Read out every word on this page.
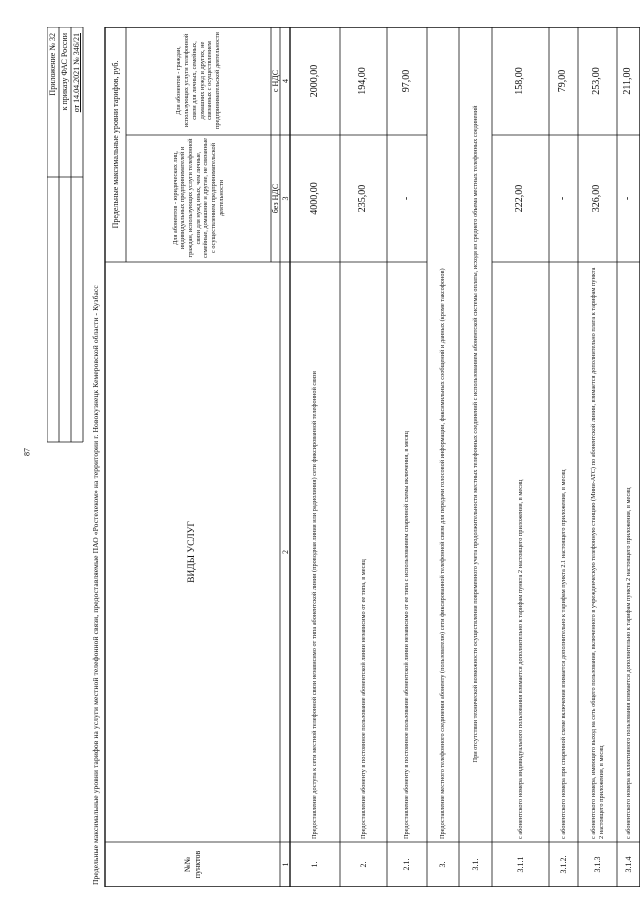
87
Приложение № 32 к приказу ФАС России от 14.04.2021 № 346/21
Предельные максимальные уровни тарифов на услуги местной телефонной связи, предоставляемые ПАО «Ростелеком» на территории г. Новокузнецк Кемеровской области - Кузбасс	№№ пунктов
ВИДЫ УСЛУГ
Предельные максимальные уровни тарифов, руб.	Для абонентов - юридических лиц, индивидуальных предпринимателей и граждан, использующих услуги телефонной связи для нужд иных, чем личные, семейные, домашние и другие, не связанные с осуществлением предпринимательской деятельности
Для абонентов - граждан, использующих услуги телефонной связи для личных, семейных, домашних нужд и других, не связанных с осуществлением предпринимательской деятельности
без НДС
с НДС
1
2
3
4
1.
Предоставление доступа к сети местной телефонной связи независимо от типа абонентской линии (проводная линия или радиолиния) сети фиксированной телефонной связи
4000,00
2000,00
2.
Предоставление абоненту в постоянное пользование абонентской линии независимо от ее типа, в месяц
235,00
194,00
2.1.
Предоставление абоненту в постоянное пользование абонентской линии независимо от ее типа с использованием спаренной схемы включения, в месяц
-
97,00
3.
Предоставление местного телефонного соединения абоненту (пользователю) сети фиксированной телефонной связи для передачи голосовой информации, факсимильных сообщений и данных (кроме таксофонов)
3.1.
При отсутствии технической возможности осуществления повременного учета продолжительности местных телефонных соединений с использованием абонентской системы оплаты, исходя из среднего объема местных телефонных соединений
3.1.1
с абонентского номера индивидуального пользования взимается дополнительно к тарифам пункта 2 настоящего приложения, в месяц
222,00
158,00
3.1.2.
с абонентского номера при спаренной схеме включения взимается дополнительно к тарифам пункта 2.1 настоящего приложения, в месяц
-
79,00
3.1.3
с абонентского номера, имеющего выход на сеть общего пользования, включенного в учрежденческую телефонную станцию (Мини-АТС) по абонентской линии, взимается дополнительно плата к тарифам пункта 2 настоящего приложения, в месяц
326,00
253,00
3.1.4
с абонентского номера коллективного пользования взимается дополнительно к тарифам пункта 2 настоящего приложения, в месяц
-
211,00
